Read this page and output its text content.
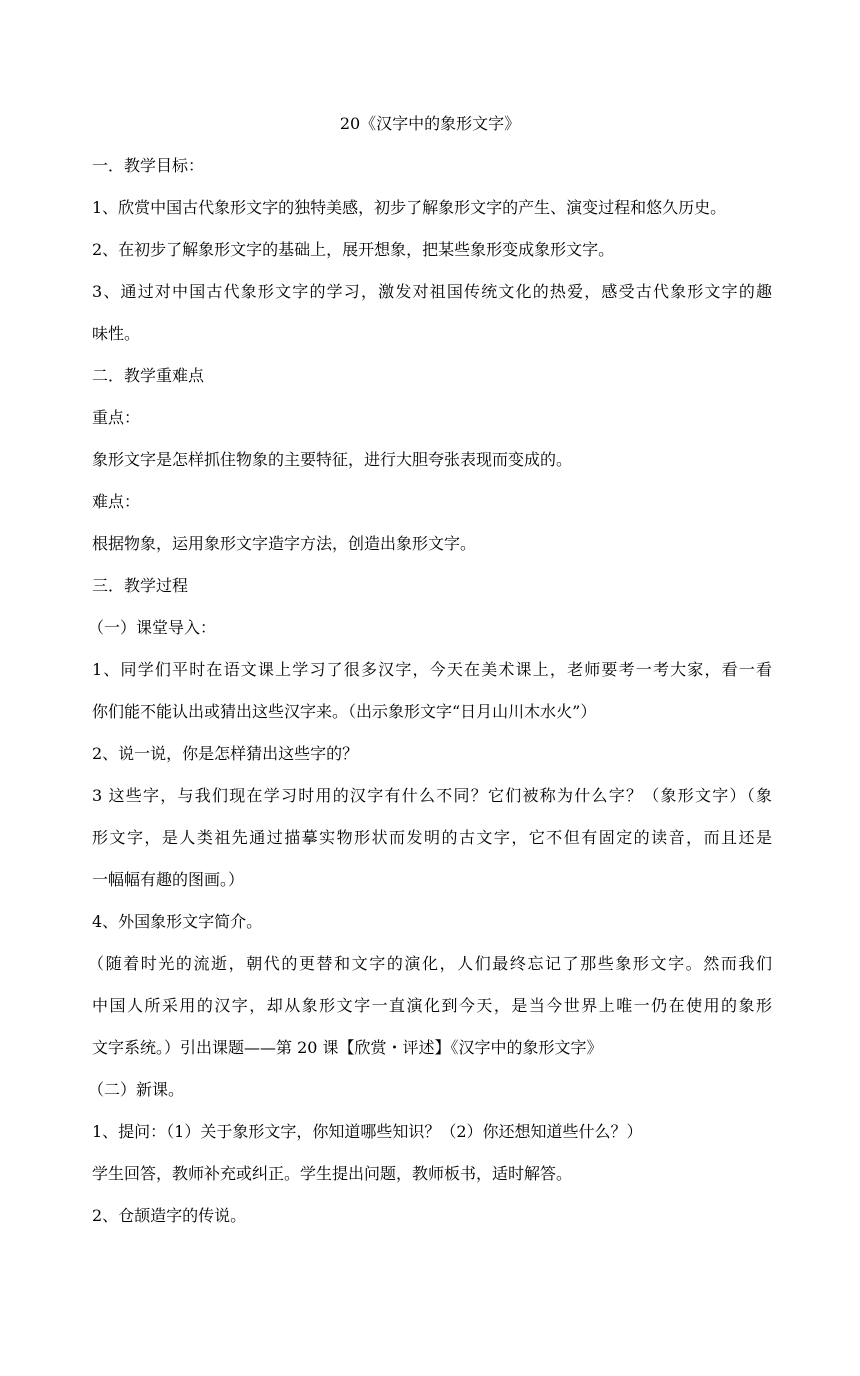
20《汉字中的象形文字》
一．教学目标：
1、欣赏中国古代象形文字的独特美感，初步了解象形文字的产生、演变过程和悠久历史。
2、在初步了解象形文字的基础上，展开想象，把某些象形变成象形文字。
3、通过对中国古代象形文字的学习，激发对祖国传统文化的热爱，感受古代象形文字的趣
味性。
二．教学重难点
重点：
象形文字是怎样抓住物象的主要特征，进行大胆夸张表现而变成的。
难点：
根据物象，运用象形文字造字方法，创造出象形文字。
三．教学过程
（一）课堂导入：
1、同学们平时在语文课上学习了很多汉字，今天在美术课上，老师要考一考大家，看一看
你们能不能认出或猜出这些汉字来。（出示象形文字“日月山川木水火”）
2、说一说，你是怎样猜出这些字的？
3 这些字，与我们现在学习时用的汉字有什么不同？它们被称为什么字？（象形文字）（象
形文字，是人类祖先通过描摹实物形状而发明的古文字，它不但有固定的读音，而且还是
一幅幅有趣的图画。）
4、外国象形文字简介。
（随着时光的流逝，朝代的更替和文字的演化，人们最终忘记了那些象形文字。然而我们
中国人所采用的汉字，却从象形文字一直演化到今天，是当今世界上唯一仍在使用的象形
文字系统。）引出课题——第 20 课【欣赏・评述】《汉字中的象形文字》
（二）新课。
1、提问：（1）关于象形文字，你知道哪些知识？（2）你还想知道些什么？）
学生回答，教师补充或纠正。学生提出问题，教师板书，适时解答。
2、仓颉造字的传说。
